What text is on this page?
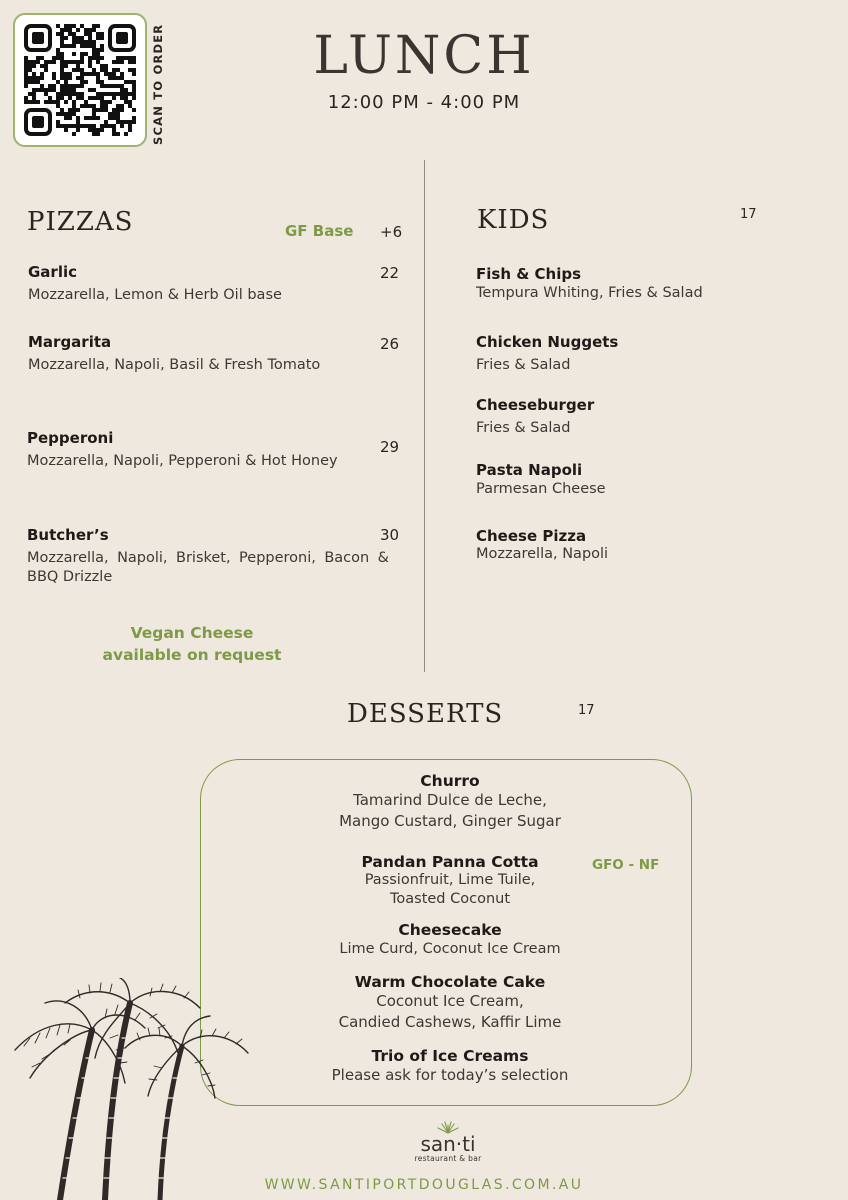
SCAN TO ORDER	LUNCH
12:00 PM - 4:00 PM
PIZZAS	GF Base +6
Garlic	22
Mozzarella, Lemon & Herb Oil base
Margarita	26
Mozzarella, Napoli, Basil & Fresh Tomato
Pepperoni	29
Mozzarella, Napoli, Pepperoni & Hot Honey
Butcher’s	30
Mozzarella, Napoli, Brisket, Pepperoni, Bacon & BBQ Drizzle
Vegan Cheese available on request
KIDS	17
Fish & Chips
Tempura Whiting, Fries & Salad
Chicken Nuggets
Fries & Salad
Cheeseburger
Fries & Salad
Pasta Napoli
Parmesan Cheese
Cheese Pizza
Mozzarella, Napoli
DESSERTS	17
Churro
Tamarind Dulce de Leche,
Mango Custard, Ginger Sugar
Pandan Panna Cotta
Passionfruit, Lime Tuile,
Toasted Coconut
GFO - NF
Cheesecake
Lime Curd, Coconut Ice Cream
Warm Chocolate Cake
Coconut Ice Cream,
Candied Cashews, Kaffir Lime
Trio of Ice Creams
Please ask for today’s selection
san·ti
restaurant & bar
WWW.SANTIPORTDOUGLAS.COM.AU
